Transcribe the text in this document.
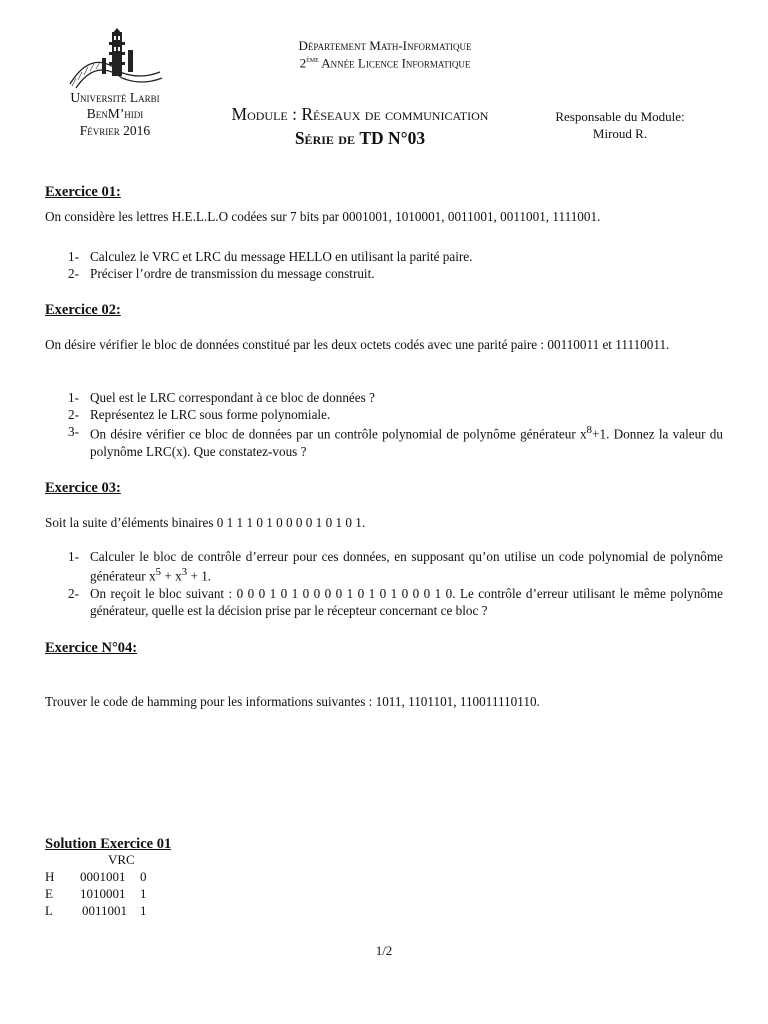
Université Larbi
BenM’hidi
Février 2016
Département Math-Informatique
2ème Année Licence Informatique
Module : Réseaux de communication
Série de TD N°03
Responsable du Module:
Miroud R.
Exercice 01:
On considère les lettres H.E.L.L.O codées sur 7 bits par 0001001, 1010001, 0011001, 0011001, 1111001.
1- Calculez le VRC et LRC du message HELLO en utilisant la parité paire.
2- Préciser l’ordre de transmission du message construit.
Exercice 02:
On désire vérifier le bloc de données constitué par les deux octets codés avec une parité paire : 00110011 et 11110011.
1- Quel est le LRC correspondant à ce bloc de données ?
2- Représentez le LRC sous forme polynomiale.
3- On désire vérifier ce bloc de données par un contrôle polynomial de polynôme générateur $x^8+1$. Donnez la valeur du polynôme LRC(x). Que constatez-vous ?
Exercice 03:
Soit la suite d’éléments binaires 0 1 1 1 0 1 0 0 0 0 1 0 1 0 1.
1- Calculer le bloc de contrôle d’erreur pour ces données, en supposant qu’on utilise un code polynomial de polynôme générateur $x^5 + x^3 + 1$.
2- On reçoit le bloc suivant : 0 0 0 1 0 1 0 0 0 0 1 0 1 0 1 0 0 0 1 0. Le contrôle d’erreur utilisant le même polynôme générateur, quelle est la décision prise par le récepteur concernant ce bloc ?
Exercice N°04:
Trouver le code de hamming pour les informations suivantes : 1011, 1101101, 110011110110.
Solution Exercice 01
VRC
H 0001001 0
E 1010001 1
L 0011001 1
1/2
